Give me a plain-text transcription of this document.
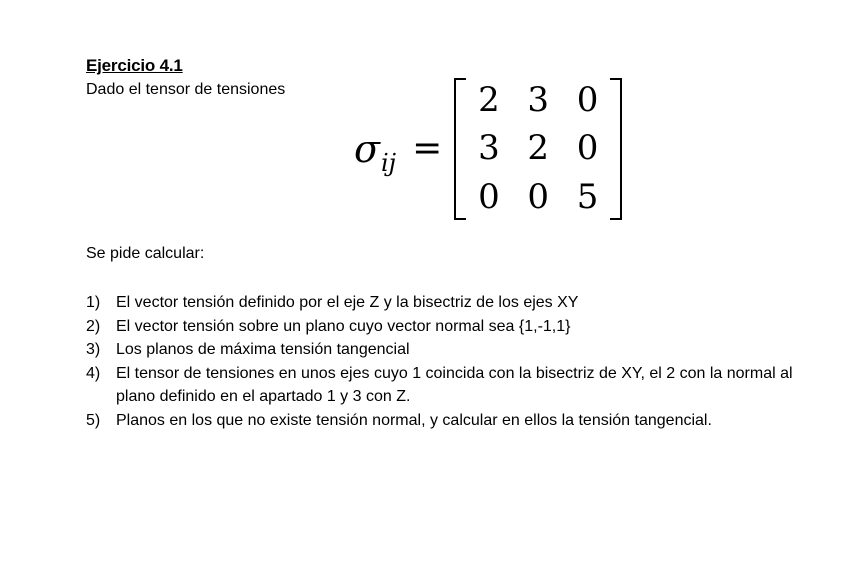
Ejercicio 4.1
Dado el tensor de tensiones
σ ij =
2 3 0
3 2 0
0 0 5
Se pide calcular:
1) El vector tensión definido por el eje Z y la bisectriz de los ejes XY
2) El vector tensión sobre un plano cuyo vector normal sea {1,-1,1}
3) Los planos de máxima tensión tangencial
4) El tensor de tensiones en unos ejes cuyo 1 coincida con la bisectriz de XY, el 2 con la normal al plano definido en el apartado 1 y 3 con Z.
5) Planos en los que no existe tensión normal, y calcular en ellos la tensión tangencial.
